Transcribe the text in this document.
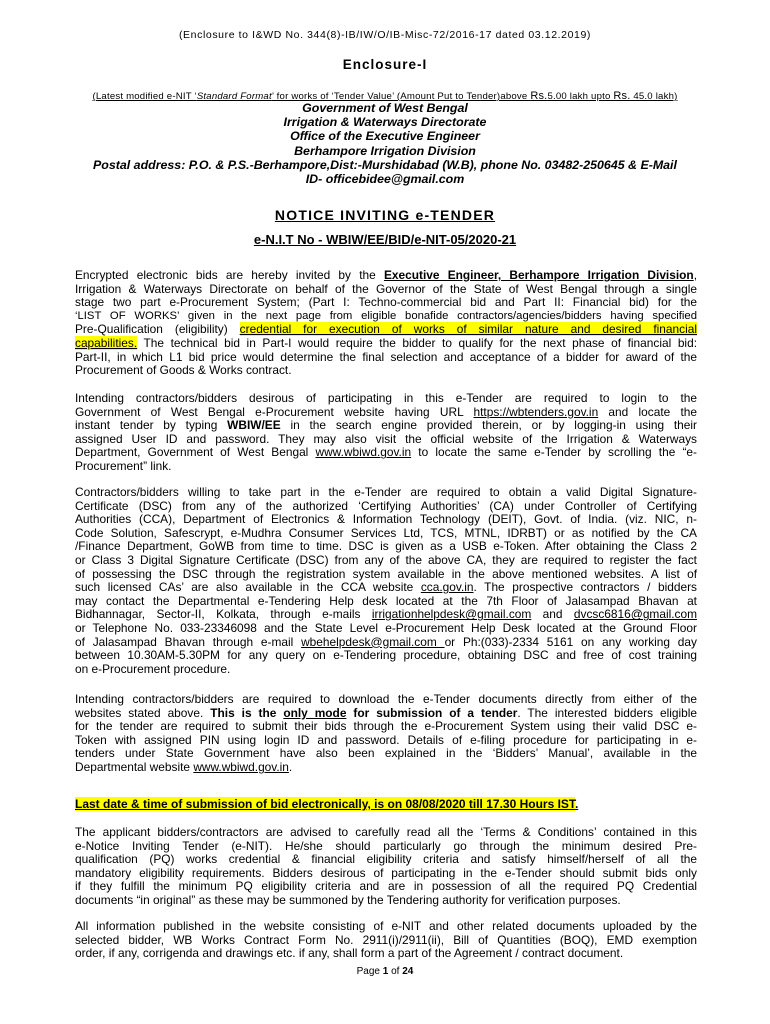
(Enclosure to I&WD No. 344(8)-IB/IW/O/IB-Misc-72/2016-17 dated 03.12.2019)
Enclosure-I
(Latest modified e-NIT ‘Standard Format’ for works of ‘Tender Value’ (Amount Put to Tender)above Rs.5.00 lakh upto Rs. 45.0 lakh)
Government of West Bengal
Irrigation & Waterways Directorate
Office of the Executive Engineer
Berhampore Irrigation Division
Postal address: P.O. & P.S.-Berhampore,Dist:-Murshidabad (W.B), phone No. 03482-250645 & E-Mail
ID- officebidee@gmail.com
NOTICE INVITING e-TENDER
e-N.I.T No - WBIW/EE/BID/e-NIT-05/2020-21
Encrypted electronic bids are hereby invited by the Executive Engineer, Berhampore Irrigation Division,
Irrigation & Waterways Directorate on behalf of the Governor of the State of West Bengal through a single
stage two part e-Procurement System; (Part I: Techno-commercial bid and Part II: Financial bid) for the
‘LIST OF WORKS’ given in the next page from eligible bonafide contractors/agencies/bidders having specified
Pre-Qualification (eligibility) credential for execution of works of similar nature and desired financial
capabilities. The technical bid in Part-I would require the bidder to qualify for the next phase of financial bid:
Part-II, in which L1 bid price would determine the final selection and acceptance of a bidder for award of the
Procurement of Goods & Works contract.
Intending contractors/bidders desirous of participating in this e-Tender are required to login to the
Government of West Bengal e-Procurement website having URL https://wbtenders.gov.in and locate the
instant tender by typing WBIW/EE in the search engine provided therein, or by logging-in using their
assigned User ID and password. They may also visit the official website of the Irrigation & Waterways
Department, Government of West Bengal www.wbiwd.gov.in to locate the same e-Tender by scrolling the “e-
Procurement” link.
Contractors/bidders willing to take part in the e-Tender are required to obtain a valid Digital Signature-
Certificate (DSC) from any of the authorized ‘Certifying Authorities’ (CA) under Controller of Certifying
Authorities (CCA), Department of Electronics & Information Technology (DEIT), Govt. of India. (viz. NIC, n-
Code Solution, Safescrypt, e-Mudhra Consumer Services Ltd, TCS, MTNL, IDRBT) or as notified by the CA
/Finance Department, GoWB from time to time. DSC is given as a USB e-Token. After obtaining the Class 2
or Class 3 Digital Signature Certificate (DSC) from any of the above CA, they are required to register the fact
of possessing the DSC through the registration system available in the above mentioned websites. A list of
such licensed CAs’ are also available in the CCA website cca.gov.in. The prospective contractors / bidders
may contact the Departmental e-Tendering Help desk located at the 7th Floor of Jalasampad Bhavan at
Bidhannagar, Sector-II, Kolkata, through e-mails irrigationhelpdesk@gmail.com and dvcsc6816@gmail.com
or Telephone No. 033-23346098 and the State Level e-Procurement Help Desk located at the Ground Floor
of Jalasampad Bhavan through e-mail wbehelpdesk@gmail.com or Ph:(033)-2334 5161 on any working day
between 10.30AM-5.30PM for any query on e-Tendering procedure, obtaining DSC and free of cost training
on e-Procurement procedure.
Intending contractors/bidders are required to download the e-Tender documents directly from either of the
websites stated above. This is the only mode for submission of a tender. The interested bidders eligible
for the tender are required to submit their bids through the e-Procurement System using their valid DSC e-
Token with assigned PIN using login ID and password. Details of e-filing procedure for participating in e-
tenders under State Government have also been explained in the ‘Bidders’ Manual’, available in the
Departmental website www.wbiwd.gov.in.
Last date & time of submission of bid electronically, is on 08/08/2020 till 17.30 Hours IST.
The applicant bidders/contractors are advised to carefully read all the ‘Terms & Conditions’ contained in this
e-Notice Inviting Tender (e-NIT). He/she should particularly go through the minimum desired Pre-
qualification (PQ) works credential & financial eligibility criteria and satisfy himself/herself of all the
mandatory eligibility requirements. Bidders desirous of participating in the e-Tender should submit bids only
if they fulfill the minimum PQ eligibility criteria and are in possession of all the required PQ Credential
documents “in original” as these may be summoned by the Tendering authority for verification purposes.
All information published in the website consisting of e-NIT and other related documents uploaded by the
selected bidder, WB Works Contract Form No. 2911(i)/2911(ii), Bill of Quantities (BOQ), EMD exemption
order, if any, corrigenda and drawings etc. if any, shall form a part of the Agreement / contract document.
Page 1 of 24
